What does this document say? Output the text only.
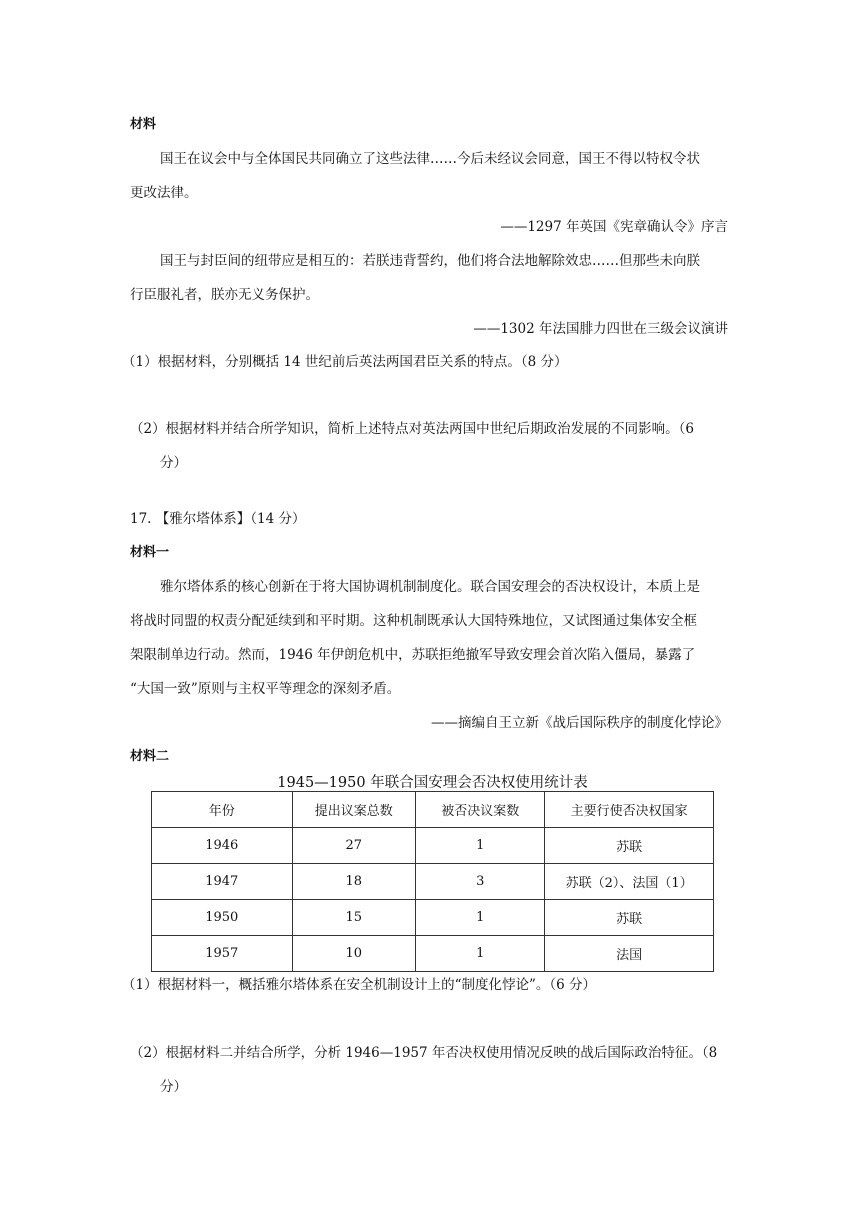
材料
国王在议会中与全体国民共同确立了这些法律……今后未经议会同意，国王不得以特权令状
更改法律。
——1297 年英国《宪章确认令》序言
国王与封臣间的纽带应是相互的：若朕违背誓约，他们将合法地解除效忠……但那些未向朕
行臣服礼者，朕亦无义务保护。
——1302 年法国腓力四世在三级会议演讲
（1）根据材料，分别概括 14 世纪前后英法两国君臣关系的特点。（8 分）
（2）根据材料并结合所学知识，简析上述特点对英法两国中世纪后期政治发展的不同影响。（6
分）
17. 【雅尔塔体系】（14 分）
材料一
雅尔塔体系的核心创新在于将大国协调机制制度化。联合国安理会的否决权设计，本质上是
将战时同盟的权责分配延续到和平时期。这种机制既承认大国特殊地位，又试图通过集体安全框
架限制单边行动。然而，1946 年伊朗危机中，苏联拒绝撤军导致安理会首次陷入僵局，暴露了
“大国一致”原则与主权平等理念的深刻矛盾。
——摘编自王立新《战后国际秩序的制度化悖论》
材料二
1945—1950 年联合国安理会否决权使用统计表
年份	提出议案总数	被否决议案数	主要行使否决权国家
1946	27	1	苏联
1947	18	3	苏联（2）、法国（1）
1950	15	1	苏联
1957	10	1	法国
（1）根据材料一，概括雅尔塔体系在安全机制设计上的“制度化悖论”。（6 分）
（2）根据材料二并结合所学，分析 1946—1957 年否决权使用情况反映的战后国际政治特征。（8
分）
